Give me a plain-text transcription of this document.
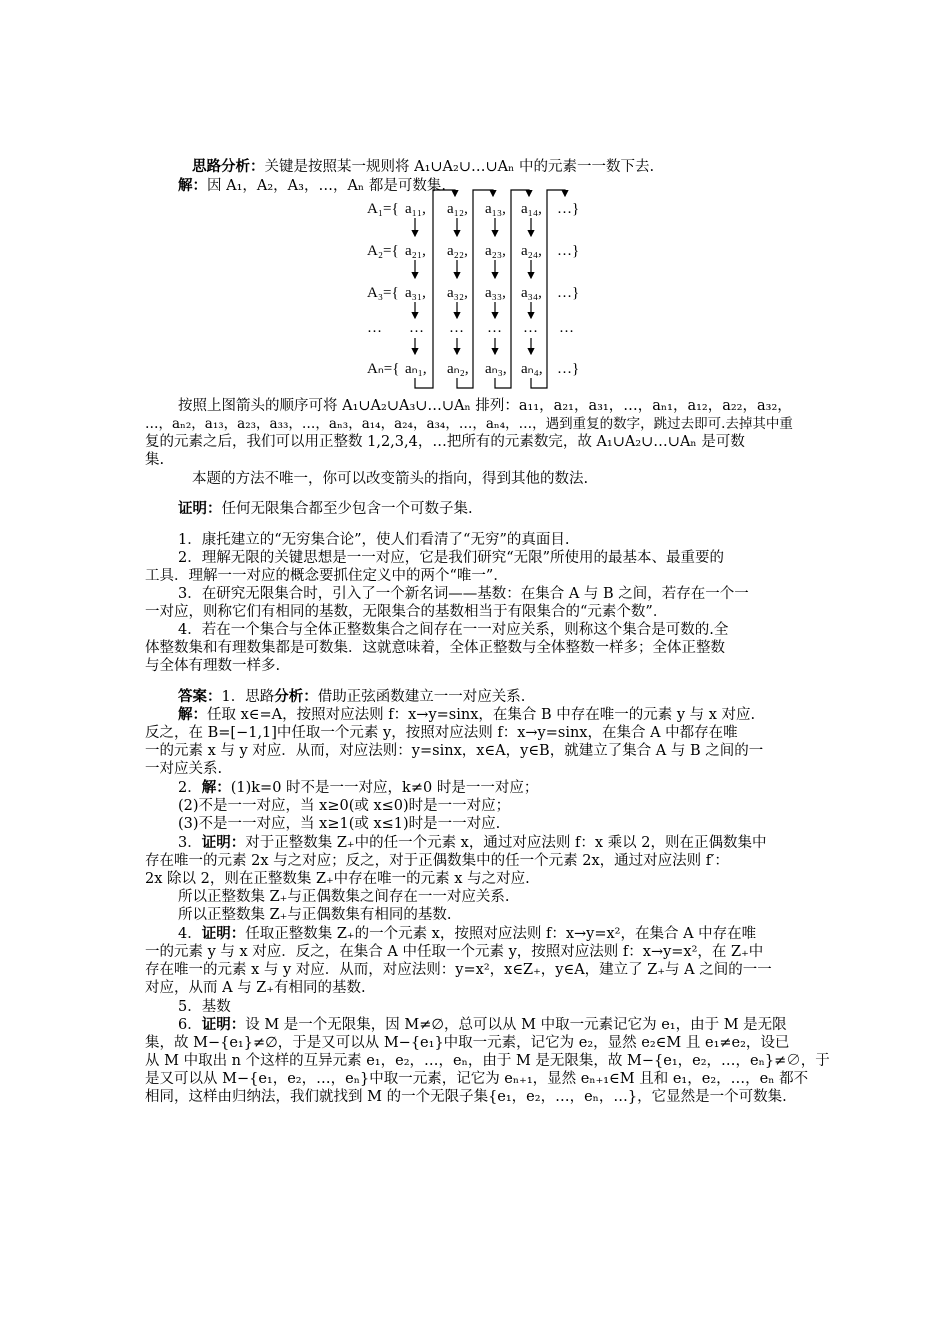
思路分析：关键是按照某一规则将 A₁∪A₂∪…∪Aₙ 中的元素一一数下去.
解：因 A₁，A₂，A₃，…，Aₙ 都是可数集.
A₁={
A₂={
A₃={
…
Aₙ={
a₁₁, a₁₂, a₁₃, a₁₄, …}
a₂₁, a₂₂, a₂₃, a₂₄, …}
a₃₁, a₃₂, a₃₃, a₃₄, …}
… … … … …
aₙ₁, aₙ₂, aₙ₃, aₙ₄, …}
按照上图箭头的顺序可将 A₁∪A₂∪A₃∪…∪Aₙ 排列：a₁₁，a₂₁，a₃₁，…，aₙ₁，a₁₂，a₂₂，a₃₂，
…，aₙ₂，a₁₃，a₂₃，a₃₃，…，aₙ₃，a₁₄，a₂₄，a₃₄，…，aₙ₄，…，遇到重复的数字，跳过去即可.去掉其中重
复的元素之后，我们可以用正整数 1,2,3,4，…把所有的元素数完，故 A₁∪A₂∪…∪Aₙ 是可数
集.
本题的方法不唯一，你可以改变箭头的指向，得到其他的数法.
证明：任何无限集合都至少包含一个可数子集.
1．康托建立的“无穷集合论”，使人们看清了“无穷”的真面目.
2．理解无限的关键思想是一一对应，它是我们研究“无限”所使用的最基本、最重要的
工具．理解一一对应的概念要抓住定义中的两个“唯一”．
3．在研究无限集合时，引入了一个新名词——基数：在集合 A 与 B 之间，若存在一个一
一对应，则称它们有相同的基数，无限集合的基数相当于有限集合的“元素个数”．
4．若在一个集合与全体正整数集合之间存在一一对应关系，则称这个集合是可数的.全
体整数集和有理数集都是可数集．这就意味着，全体正整数与全体整数一样多；全体正整数
与全体有理数一样多.
答案：1．思路分析：借助正弦函数建立一一对应关系.
解：任取 x∈=A，按照对应法则 f：x→y=sinx，在集合 B 中存在唯一的元素 y 与 x 对应.
反之，在 B=[−1,1]中任取一个元素 y，按照对应法则 f：x→y=sinx，在集合 A 中都存在唯
一的元素 x 与 y 对应．从而，对应法则：y=sinx，x∈A，y∈B，就建立了集合 A 与 B 之间的一
一对应关系.
2．解：(1)k=0 时不是一一对应，k≠0 时是一一对应；
(2)不是一一对应，当 x≥0(或 x≤0)时是一一对应；
(3)不是一一对应，当 x≥1(或 x≤1)时是一一对应.
3．证明：对于正整数集 Z₊中的任一个元素 x，通过对应法则 f：x 乘以 2，则在正偶数集中
存在唯一的元素 2x 与之对应；反之，对于正偶数集中的任一个元素 2x，通过对应法则 f′：
2x 除以 2，则在正整数集 Z₊中存在唯一的元素 x 与之对应.
所以正整数集 Z₊与正偶数集之间存在一一对应关系.
所以正整数集 Z₊与正偶数集有相同的基数.
4．证明：任取正整数集 Z₊的一个元素 x，按照对应法则 f：x→y=x²，在集合 A 中存在唯
一的元素 y 与 x 对应．反之，在集合 A 中任取一个元素 y，按照对应法则 f：x→y=x²，在 Z₊中
存在唯一的元素 x 与 y 对应．从而，对应法则：y=x²，x∈Z₊，y∈A，建立了 Z₊与 A 之间的一一
对应，从而 A 与 Z₊有相同的基数.
5．基数
6．证明：设 M 是一个无限集，因 M≠∅，总可以从 M 中取一元素记它为 e₁，由于 M 是无限
集，故 M−{e₁}≠∅，于是又可以从 M−{e₁}中取一元素，记它为 e₂，显然 e₂∈M 且 e₁≠e₂，设已
从 M 中取出 n 个这样的互异元素 e₁，e₂，…，eₙ，由于 M 是无限集，故 M−{e₁，e₂，…，eₙ}≠∅，于
是又可以从 M−{e₁，e₂，…，eₙ}中取一元素，记它为 eₙ₊₁，显然 eₙ₊₁∈M 且和 e₁，e₂，…，eₙ 都不
相同，这样由归纳法，我们就找到 M 的一个无限子集{e₁，e₂，…，eₙ，…}，它显然是一个可数集.
